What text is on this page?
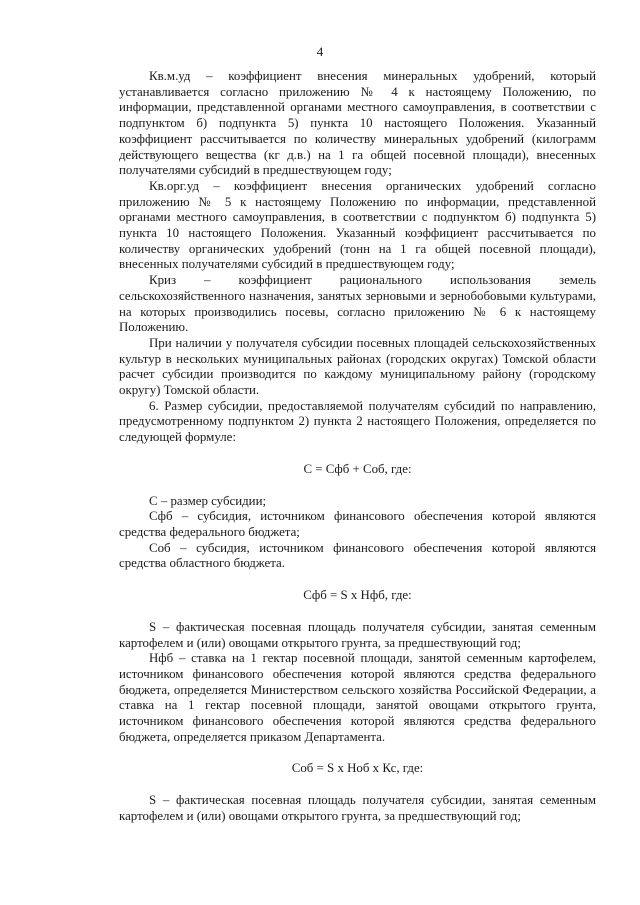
4

Кв.м.уд – коэффициент внесения минеральных удобрений, который устанавливается согласно приложению № 4 к настоящему Положению, по информации, представленной органами местного самоуправления, в соответствии с подпунктом б) подпункта 5) пункта 10 настоящего Положения. Указанный коэффициент рассчитывается по количеству минеральных удобрений (килограмм действующего вещества (кг д.в.) на 1 га общей посевной площади), внесенных получателями субсидий в предшествующем году;

Кв.орг.уд – коэффициент внесения органических удобрений согласно приложению № 5 к настоящему Положению по информации, представленной органами местного самоуправления, в соответствии с подпунктом б) подпункта 5) пункта 10 настоящего Положения. Указанный коэффициент рассчитывается по количеству органических удобрений (тонн на 1 га общей посевной площади), внесенных получателями субсидий в предшествующем году;

Криз – коэффициент рационального использования земель сельскохозяйственного назначения, занятых зерновыми и зернобобовыми культурами, на которых производились посевы, согласно приложению № 6 к настоящему Положению.

При наличии у получателя субсидии посевных площадей сельскохозяйственных культур в нескольких муниципальных районах (городских округах) Томской области расчет субсидии производится по каждому муниципальному району (городскому округу) Томской области.

6. Размер субсидии, предоставляемой получателям субсидий по направлению, предусмотренному подпунктом 2) пункта 2 настоящего Положения, определяется по следующей формуле:

С = Сфб + Соб, где:

С – размер субсидии;

Сфб – субсидия, источником финансового обеспечения которой являются средства федерального бюджета;

Соб – субсидия, источником финансового обеспечения которой являются средства областного бюджета.

Сфб = S х Нфб, где:

S – фактическая посевная площадь получателя субсидии, занятая семенным картофелем и (или) овощами открытого грунта, за предшествующий год;

Нфб – ставка на 1 гектар посевной площади, занятой семенным картофелем, источником финансового обеспечения которой являются средства федерального бюджета, определяется Министерством сельского хозяйства Российской Федерации, а ставка на 1 гектар посевной площади, занятой овощами открытого грунта, источником финансового обеспечения которой являются средства федерального бюджета, определяется приказом Департамента.

Соб = S х Ноб х Кс, где:

S – фактическая посевная площадь получателя субсидии, занятая семенным картофелем и (или) овощами открытого грунта, за предшествующий год;
